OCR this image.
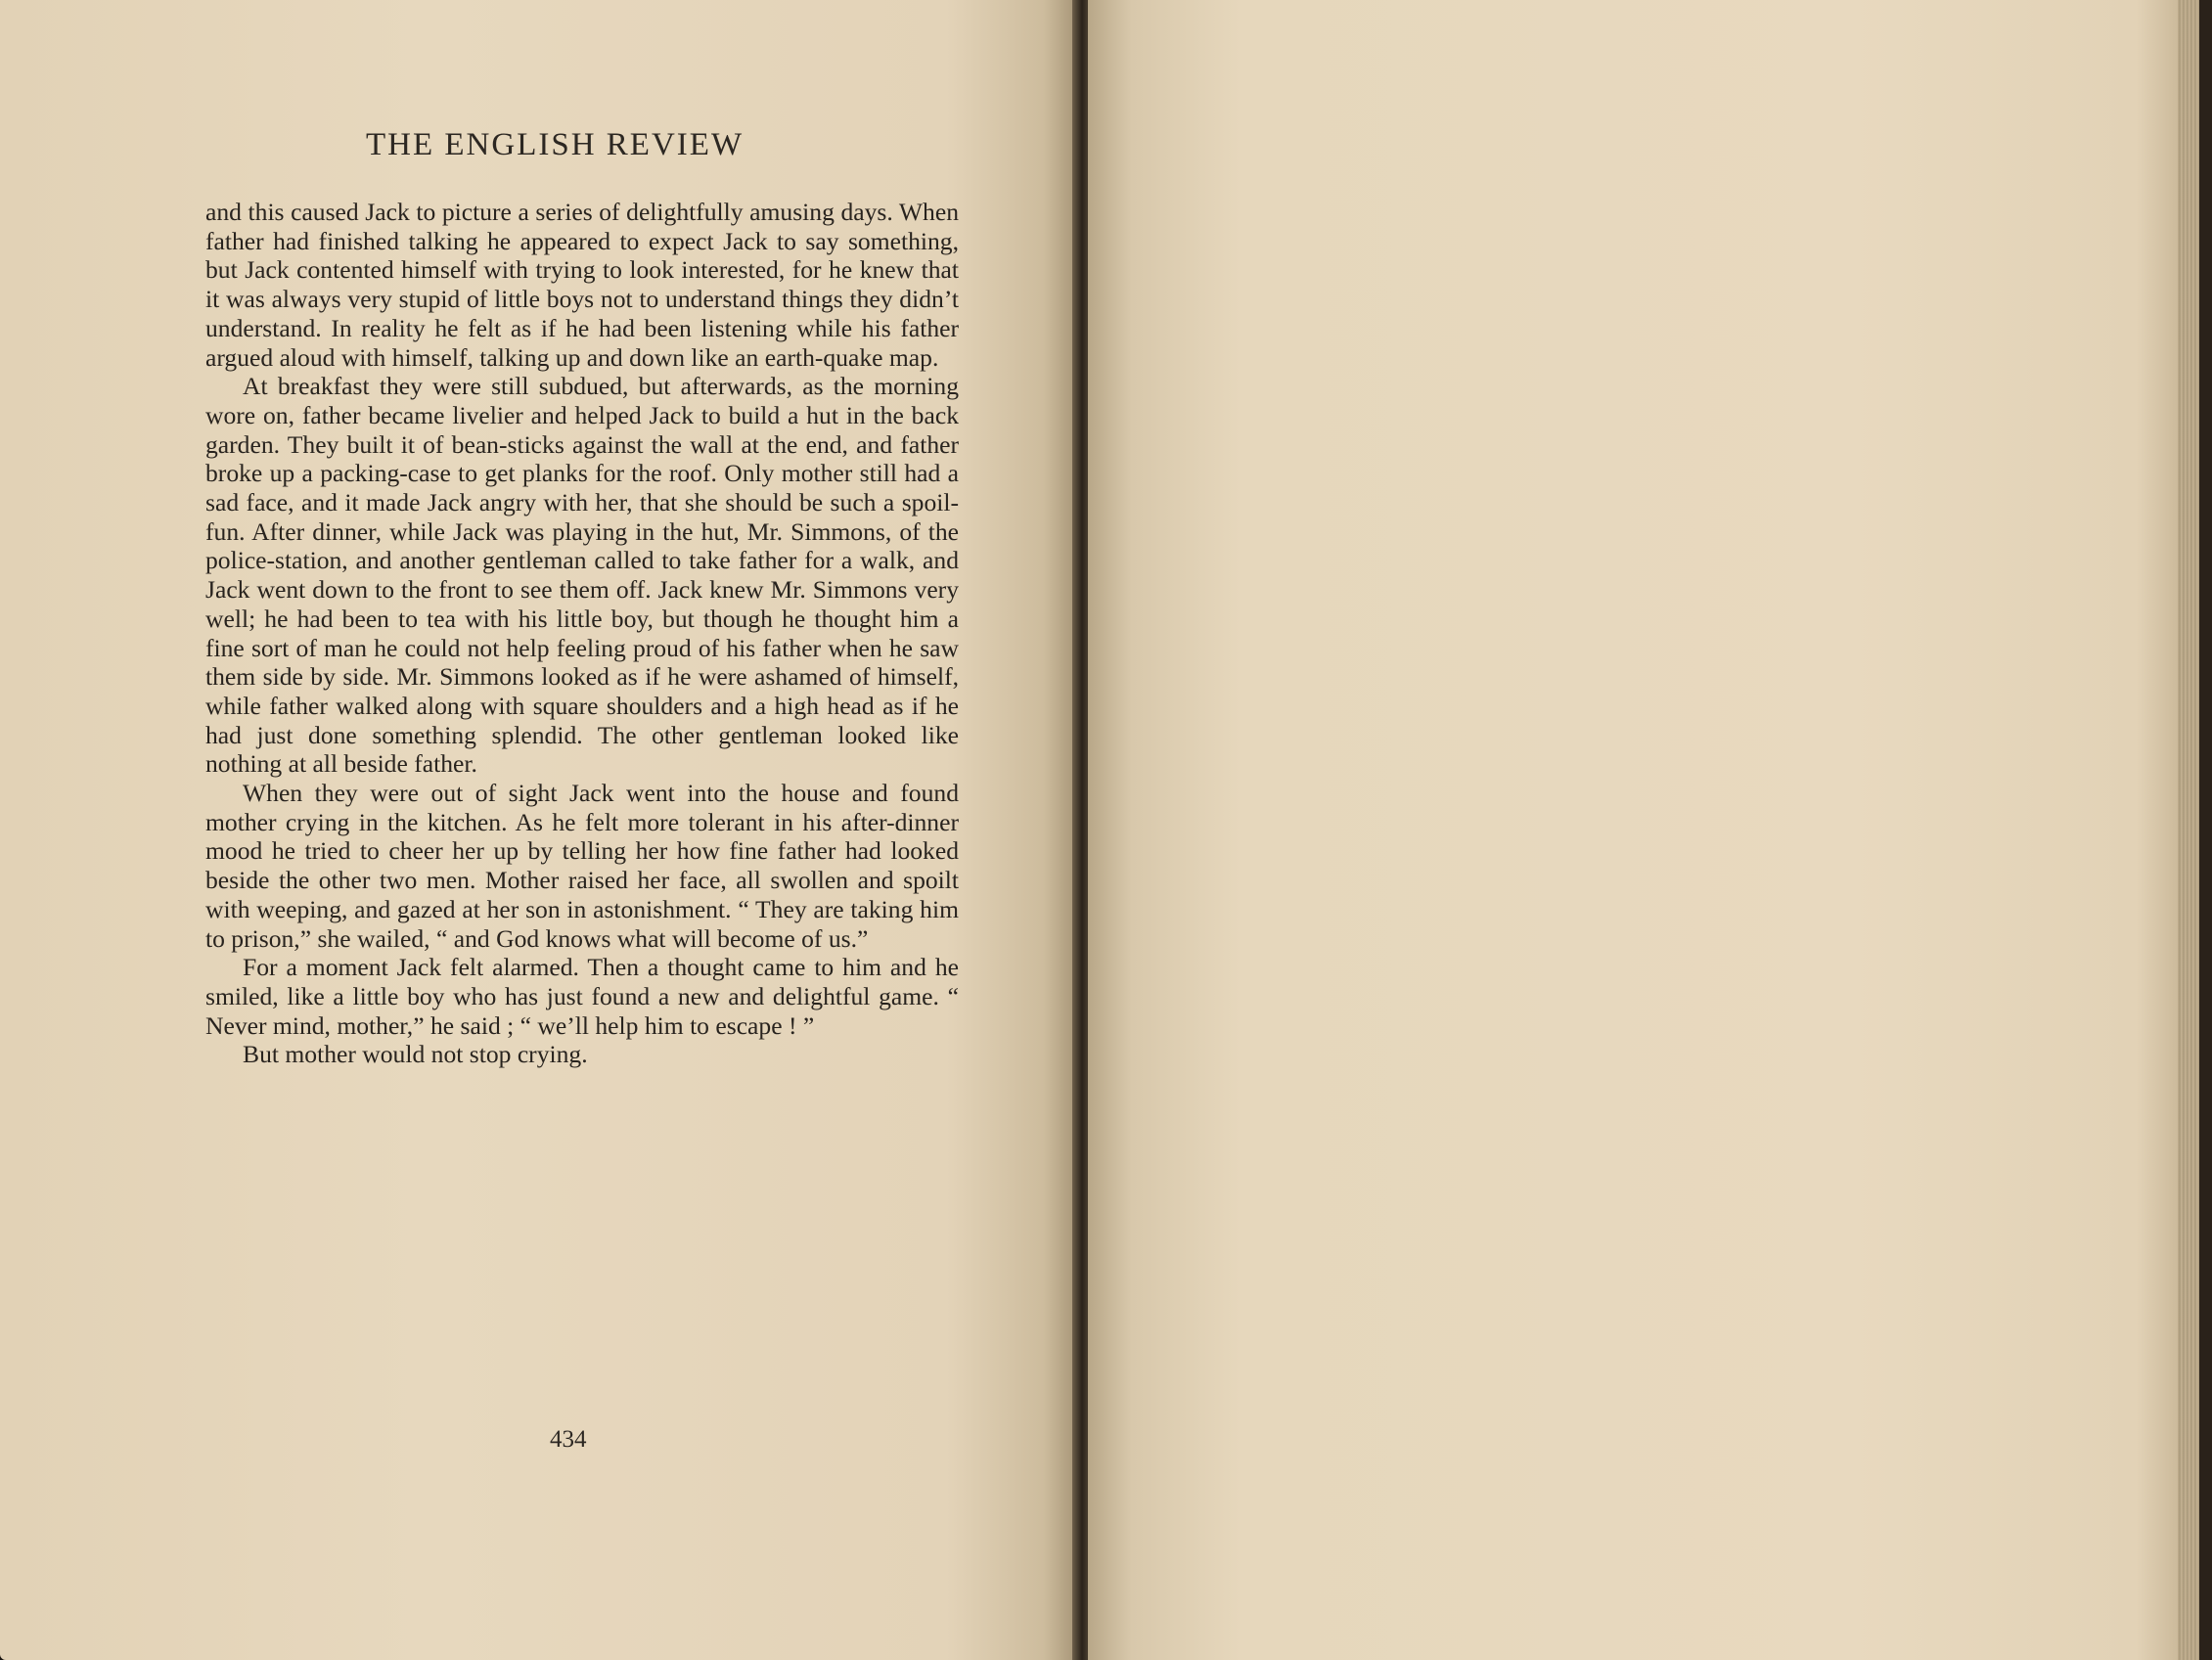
THE ENGLISH REVIEW

and this caused Jack to picture a series of delightfully amusing days. When father had finished talking he appeared to expect Jack to say something, but Jack contented himself with trying to look interested, for he knew that it was always very stupid of little boys not to understand things they didn’t understand. In reality he felt as if he had been listening while his father argued aloud with himself, talking up and down like an earth-quake map.

At breakfast they were still subdued, but afterwards, as the morning wore on, father became livelier and helped Jack to build a hut in the back garden. They built it of bean-sticks against the wall at the end, and father broke up a packing-case to get planks for the roof. Only mother still had a sad face, and it made Jack angry with her, that she should be such a spoil-fun. After dinner, while Jack was playing in the hut, Mr. Simmons, of the police-station, and another gentleman called to take father for a walk, and Jack went down to the front to see them off. Jack knew Mr. Simmons very well; he had been to tea with his little boy, but though he thought him a fine sort of man he could not help feeling proud of his father when he saw them side by side. Mr. Simmons looked as if he were ashamed of himself, while father walked along with square shoulders and a high head as if he had just done something splendid. The other gentleman looked like nothing at all beside father.

When they were out of sight Jack went into the house and found mother crying in the kitchen. As he felt more tolerant in his after-dinner mood he tried to cheer her up by telling her how fine father had looked beside the other two men. Mother raised her face, all swollen and spoilt with weeping, and gazed at her son in astonishment. “ They are taking him to prison,” she wailed, “ and God knows what will become of us.”

For a moment Jack felt alarmed. Then a thought came to him and he smiled, like a little boy who has just found a new and delightful game. “ Never mind, mother,” he said ; “ we’ll help him to escape ! ”

But mother would not stop crying.

434
